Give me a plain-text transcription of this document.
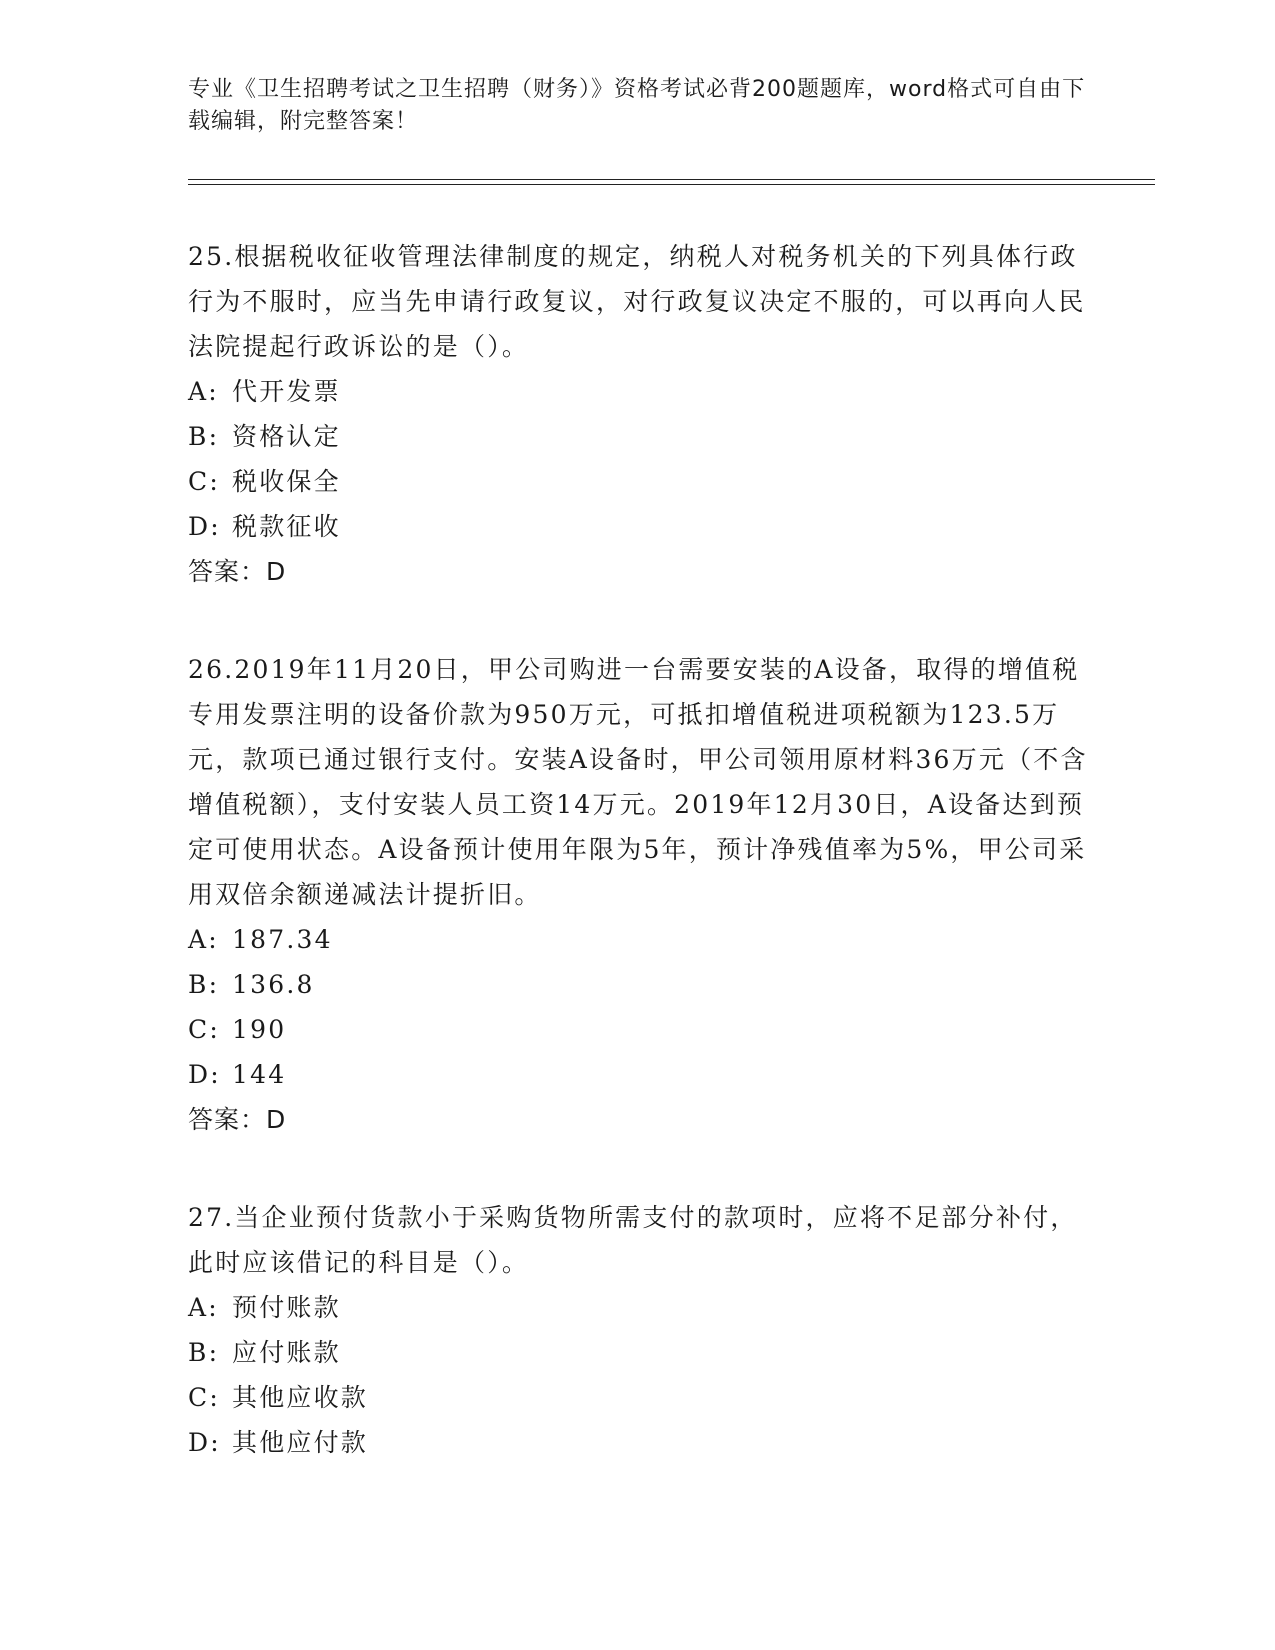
专业《卫生招聘考试之卫生招聘（财务）》资格考试必背200题题库，word格式可自由下载编辑，附完整答案！

25.根据税收征收管理法律制度的规定，纳税人对税务机关的下列具体行政行为不服时，应当先申请行政复议，对行政复议决定不服的，可以再向人民法院提起行政诉讼的是（）。

A: 代开发票
B: 资格认定
C: 税收保全
D: 税款征收
答案：D

26.2019年11月20日，甲公司购进一台需要安装的A设备，取得的增值税专用发票注明的设备价款为950万元，可抵扣增值税进项税额为123.5万元，款项已通过银行支付。安装A设备时，甲公司领用原材料36万元（不含增值税额），支付安装人员工资14万元。2019年12月30日，A设备达到预定可使用状态。A设备预计使用年限为5年，预计净残值率为5%，甲公司采用双倍余额递减法计提折旧。

A: 187.34
B: 136.8
C: 190
D: 144
答案：D

27.当企业预付货款小于采购货物所需支付的款项时，应将不足部分补付，此时应该借记的科目是（）。

A: 预付账款
B: 应付账款
C: 其他应收款
D: 其他应付款
